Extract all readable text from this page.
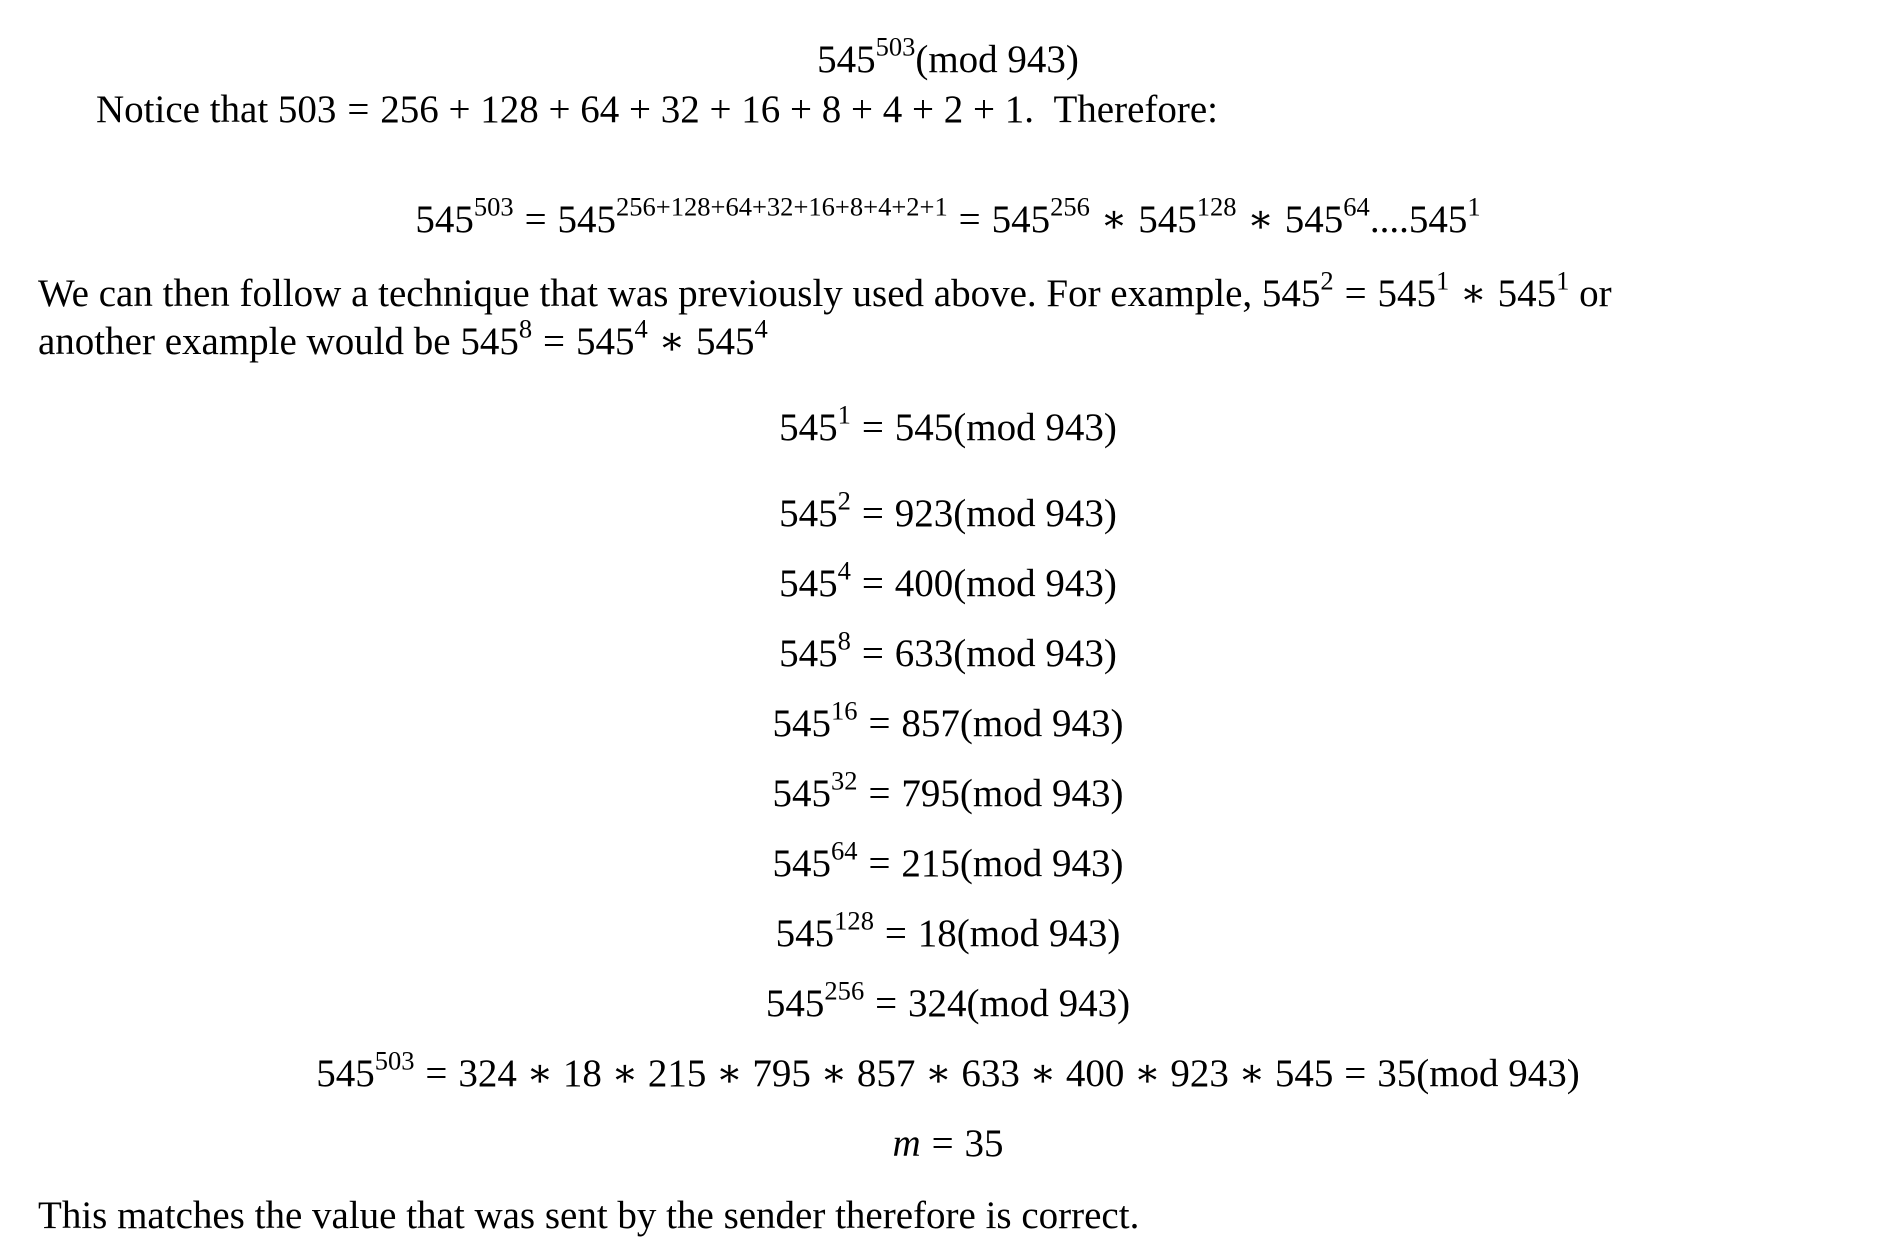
$545^{503}(mod$ 943)
Notice that 503 = 256 + 128 + 64 + 32 + 16 + 8 + 4 + 2 + 1. Therefore:
$545^{503} = 545^{256+128+64+32+16+8+4+2+1} = 545^{256}$ ∗ $545^{128}$ ∗ $545^{64}....545^1$
We can then follow a technique that was previously used above. For example, $545^2 = 545^1$ ∗ $545^1$ or
another example would be $545^8 = 545^4$ ∗ $545^4$
$545^1 = 545(mod$ 943)
$545^2 = 923(mod$ 943)
$545^4 = 400(mod$ 943)
$545^8 = 633(mod$ 943)
$545^{16} = 857(mod$ 943)
$545^{32} = 795(mod$ 943)
$545^{64} = 215(mod$ 943)
$545^{128} = 18(mod$ 943)
$545^{256} = 324(mod$ 943)
$545^{503} = 324$ ∗ 18 ∗ 215 ∗ 795 ∗ 857 ∗ 633 ∗ 400 ∗ 923 ∗ 545 = 35(mod 943)
m = 35
This matches the value that was sent by the sender therefore is correct.
